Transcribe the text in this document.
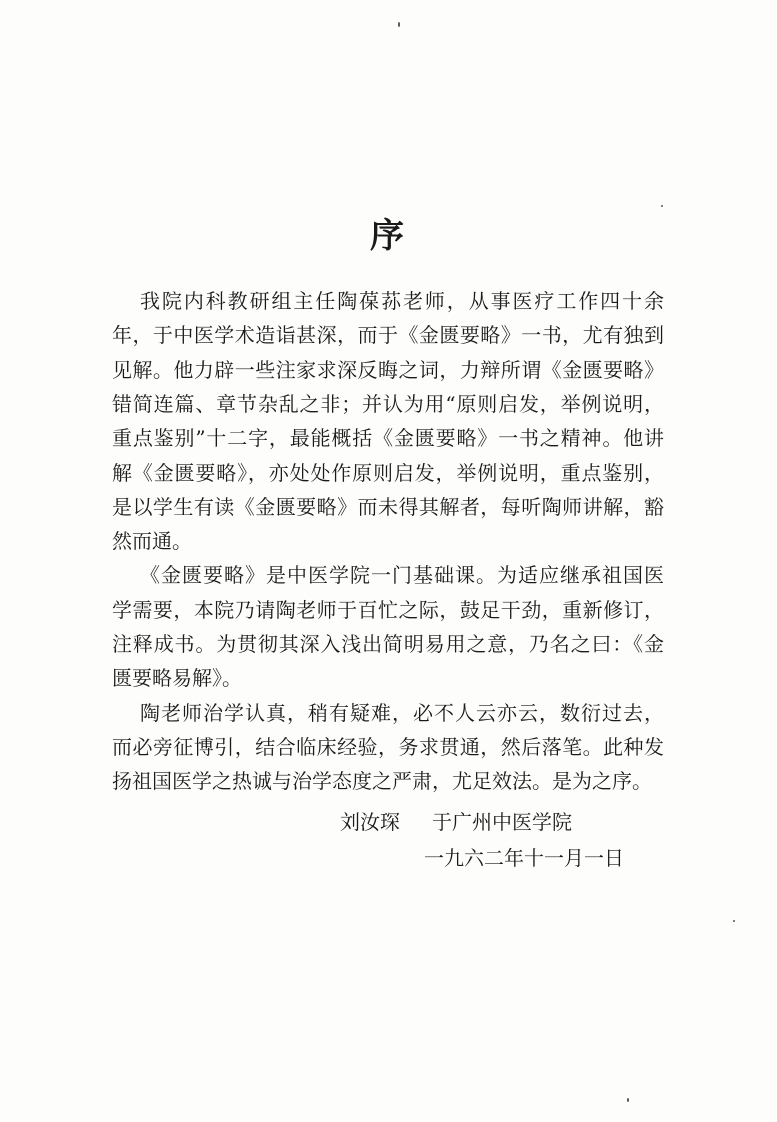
序
我院内科教研组主任陶葆荪老师，从事医疗工作四十余
年，于中医学术造诣甚深，而于《金匮要略》一书，尤有独到
见解。他力辟一些注家求深反晦之词，力辩所谓《金匮要略》
错简连篇、章节杂乱之非；并认为用“原则启发，举例说明，
重点鉴别”十二字，最能概括《金匮要略》一书之精神。他讲
解《金匮要略》，亦处处作原则启发，举例说明，重点鉴别，
是以学生有读《金匮要略》而未得其解者，每听陶师讲解，豁
然而通。
《金匮要略》是中医学院一门基础课。为适应继承祖国医
学需要，本院乃请陶老师于百忙之际，鼓足干劲，重新修订，
注释成书。为贯彻其深入浅出简明易用之意，乃名之曰：《金
匮要略易解》。
陶老师治学认真，稍有疑难，必不人云亦云，数衍过去，
而必旁征博引，结合临床经验，务求贯通，然后落笔。此种发
扬祖国医学之热诚与治学态度之严肃，尤足效法。是为之序。
刘汝琛 于广州中医学院
一九六二年十一月一日
